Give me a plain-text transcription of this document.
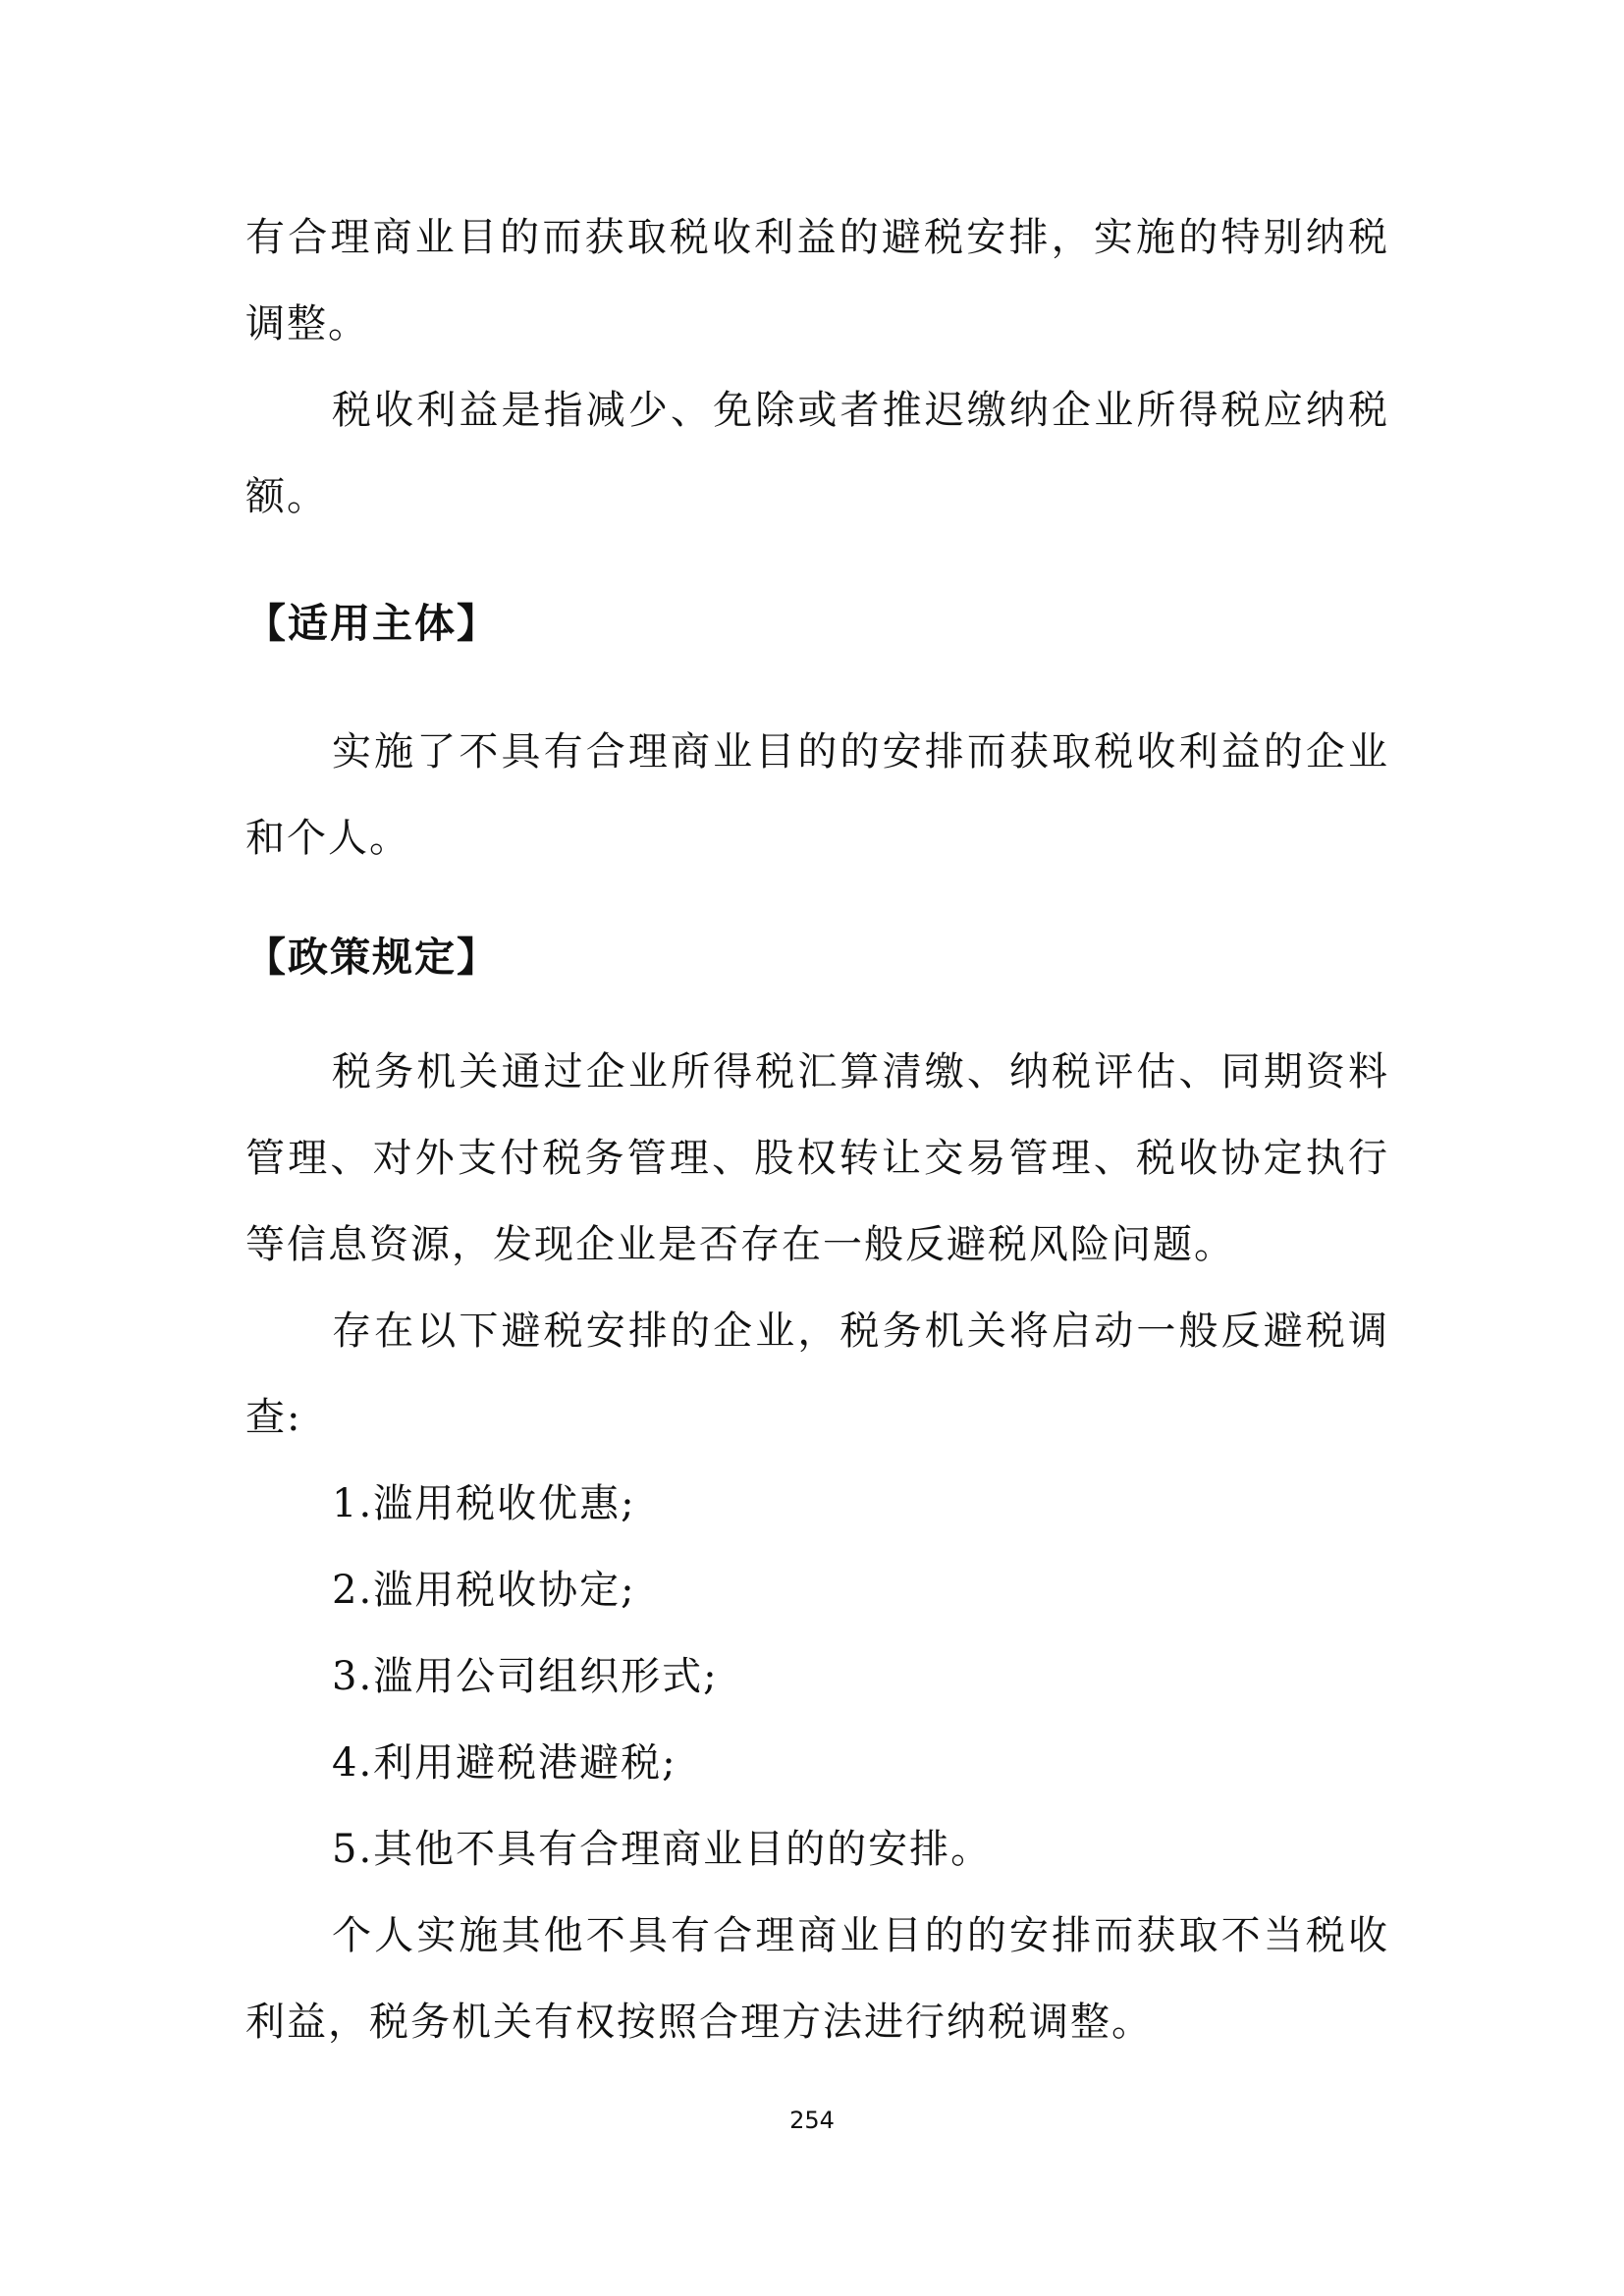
有合理商业目的而获取税收利益的避税安排，实施的特别纳税调整。

税收利益是指减少、免除或者推迟缴纳企业所得税应纳税额。

【适用主体】

实施了不具有合理商业目的的安排而获取税收利益的企业和个人。

【政策规定】

税务机关通过企业所得税汇算清缴、纳税评估、同期资料管理、对外支付税务管理、股权转让交易管理、税收协定执行等信息资源，发现企业是否存在一般反避税风险问题。

存在以下避税安排的企业，税务机关将启动一般反避税调查:

1.滥用税收优惠;

2.滥用税收协定;

3.滥用公司组织形式;

4.利用避税港避税;

5.其他不具有合理商业目的的安排。

个人实施其他不具有合理商业目的的安排而获取不当税收利益，税务机关有权按照合理方法进行纳税调整。

254
